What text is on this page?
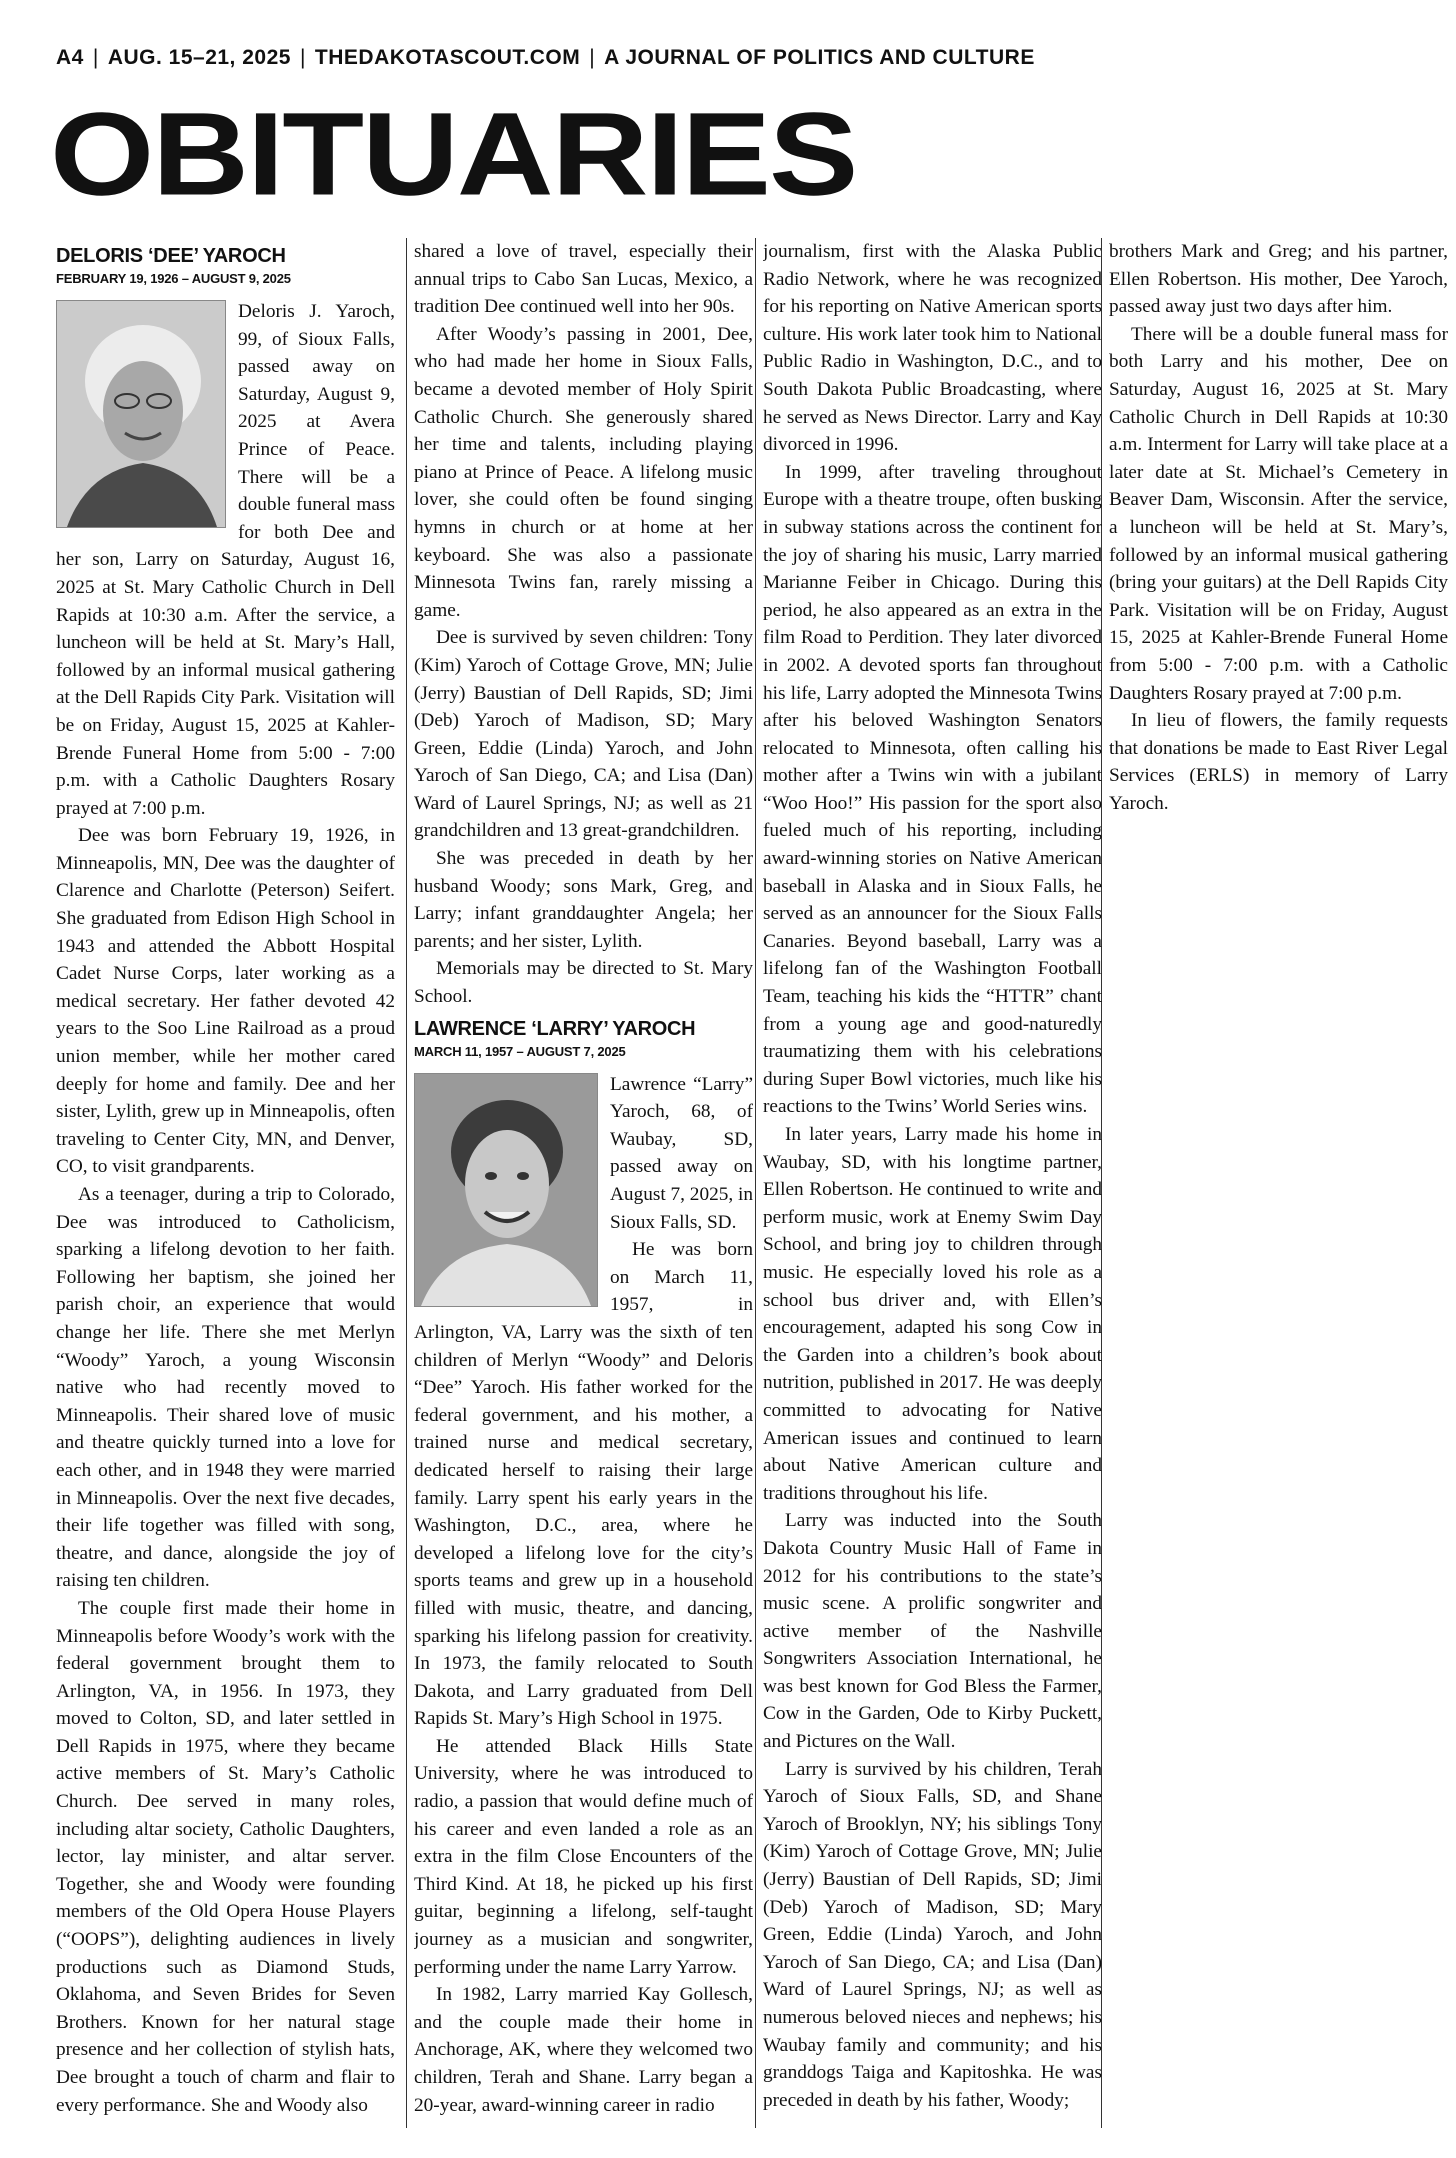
A4 | AUG. 15–21, 2025 | THEDAKOTASCOUT.COM | A JOURNAL OF POLITICS AND CULTURE
OBITUARIES
DELORIS ‘DEE’ YAROCH
FEBRUARY 19, 1926 – AUGUST 9, 2025

Deloris J. Yaroch, 99, of Sioux Falls, passed away on Saturday, August 9, 2025 at Avera Prince of Peace. There will be a double funeral mass for both Dee and her son, Larry on Saturday, August 16, 2025 at St. Mary Catholic Church in Dell Rapids at 10:30 a.m. After the service, a luncheon will be held at St. Mary’s Hall, followed by an informal musical gathering at the Dell Rapids City Park. Visitation will be on Friday, August 15, 2025 at Kahler-Brende Funeral Home from 5:00 - 7:00 p.m. with a Catholic Daughters Rosary prayed at 7:00 p.m.

Dee was born February 19, 1926, in Minneapolis, MN, Dee was the daughter of Clarence and Charlotte (Peterson) Seifert. She graduated from Edison High School in 1943 and attended the Abbott Hospital Cadet Nurse Corps, later working as a medical secretary. Her father devoted 42 years to the Soo Line Railroad as a proud union member, while her mother cared deeply for home and family. Dee and her sister, Lylith, grew up in Minneapolis, often traveling to Center City, MN, and Denver, CO, to visit grandparents.

As a teenager, during a trip to Colorado, Dee was introduced to Catholicism, sparking a lifelong devotion to her faith. Following her baptism, she joined her parish choir, an experience that would change her life. There she met Merlyn “Woody” Yaroch, a young Wisconsin native who had recently moved to Minneapolis. Their shared love of music and theatre quickly turned into a love for each other, and in 1948 they were married in Minneapolis. Over the next five decades, their life together was filled with song, theatre, and dance, alongside the joy of raising ten children.

The couple first made their home in Minneapolis before Woody’s work with the federal government brought them to Arlington, VA, in 1956. In 1973, they moved to Colton, SD, and later settled in Dell Rapids in 1975, where they became active members of St. Mary’s Catholic Church. Dee served in many roles, including altar society, Catholic Daughters, lector, lay minister, and altar server. Together, she and Woody were founding members of the Old Opera House Players (“OOPS”), delighting audiences in lively productions such as Diamond Studs, Oklahoma, and Seven Brides for Seven Brothers. Known for her natural stage presence and her collection of stylish hats, Dee brought a touch of charm and flair to every performance. She and Woody also

shared a love of travel, especially their annual trips to Cabo San Lucas, Mexico, a tradition Dee continued well into her 90s.

After Woody’s passing in 2001, Dee, who had made her home in Sioux Falls, became a devoted member of Holy Spirit Catholic Church. She generously shared her time and talents, including playing piano at Prince of Peace. A lifelong music lover, she could often be found singing hymns in church or at home at her keyboard. She was also a passionate Minnesota Twins fan, rarely missing a game.

Dee is survived by seven children: Tony (Kim) Yaroch of Cottage Grove, MN; Julie (Jerry) Baustian of Dell Rapids, SD; Jimi (Deb) Yaroch of Madison, SD; Mary Green, Eddie (Linda) Yaroch, and John Yaroch of San Diego, CA; and Lisa (Dan) Ward of Laurel Springs, NJ; as well as 21 grandchildren and 13 great-grandchildren.

She was preceded in death by her husband Woody; sons Mark, Greg, and Larry; infant granddaughter Angela; her parents; and her sister, Lylith.

Memorials may be directed to St. Mary School.

LAWRENCE ‘LARRY’ YAROCH
MARCH 11, 1957 – AUGUST 7, 2025

Lawrence “Larry” Yaroch, 68, of Waubay, SD, passed away on August 7, 2025, in Sioux Falls, SD.

He was born on March 11, 1957, in Arlington, VA, Larry was the sixth of ten children of Merlyn “Woody” and Deloris “Dee” Yaroch. His father worked for the federal government, and his mother, a trained nurse and medical secretary, dedicated herself to raising their large family. Larry spent his early years in the Washington, D.C., area, where he developed a lifelong love for the city’s sports teams and grew up in a household filled with music, theatre, and dancing, sparking his lifelong passion for creativity. In 1973, the family relocated to South Dakota, and Larry graduated from Dell Rapids St. Mary’s High School in 1975.

He attended Black Hills State University, where he was introduced to radio, a passion that would define much of his career and even landed a role as an extra in the film Close Encounters of the Third Kind. At 18, he picked up his first guitar, beginning a lifelong, self-taught journey as a musician and songwriter, performing under the name Larry Yarrow.

In 1982, Larry married Kay Gollesch, and the couple made their home in Anchorage, AK, where they welcomed two children, Terah and Shane. Larry began a 20-year, award-winning career in radio

journalism, first with the Alaska Public Radio Network, where he was recognized for his reporting on Native American sports culture. His work later took him to National Public Radio in Washington, D.C., and to South Dakota Public Broadcasting, where he served as News Director. Larry and Kay divorced in 1996.

In 1999, after traveling throughout Europe with a theatre troupe, often busking in subway stations across the continent for the joy of sharing his music, Larry married Marianne Feiber in Chicago. During this period, he also appeared as an extra in the film Road to Perdition. They later divorced in 2002. A devoted sports fan throughout his life, Larry adopted the Minnesota Twins after his beloved Washington Senators relocated to Minnesota, often calling his mother after a Twins win with a jubilant “Woo Hoo!” His passion for the sport also fueled much of his reporting, including award-winning stories on Native American baseball in Alaska and in Sioux Falls, he served as an announcer for the Sioux Falls Canaries. Beyond baseball, Larry was a lifelong fan of the Washington Football Team, teaching his kids the “HTTR” chant from a young age and good-naturedly traumatizing them with his celebrations during Super Bowl victories, much like his reactions to the Twins’ World Series wins.

In later years, Larry made his home in Waubay, SD, with his longtime partner, Ellen Robertson. He continued to write and perform music, work at Enemy Swim Day School, and bring joy to children through music. He especially loved his role as a school bus driver and, with Ellen’s encouragement, adapted his song Cow in the Garden into a children’s book about nutrition, published in 2017. He was deeply committed to advocating for Native American issues and continued to learn about Native American culture and traditions throughout his life.

Larry was inducted into the South Dakota Country Music Hall of Fame in 2012 for his contributions to the state’s music scene. A prolific songwriter and active member of the Nashville Songwriters Association International, he was best known for God Bless the Farmer, Cow in the Garden, Ode to Kirby Puckett, and Pictures on the Wall.

Larry is survived by his children, Terah Yaroch of Sioux Falls, SD, and Shane Yaroch of Brooklyn, NY; his siblings Tony (Kim) Yaroch of Cottage Grove, MN; Julie (Jerry) Baustian of Dell Rapids, SD; Jimi (Deb) Yaroch of Madison, SD; Mary Green, Eddie (Linda) Yaroch, and John Yaroch of San Diego, CA; and Lisa (Dan) Ward of Laurel Springs, NJ; as well as numerous beloved nieces and nephews; his Waubay family and community; and his granddogs Taiga and Kapitoshka. He was preceded in death by his father, Woody;

brothers Mark and Greg; and his partner, Ellen Robertson. His mother, Dee Yaroch, passed away just two days after him.

There will be a double funeral mass for both Larry and his mother, Dee on Saturday, August 16, 2025 at St. Mary Catholic Church in Dell Rapids at 10:30 a.m. Interment for Larry will take place at a later date at St. Michael’s Cemetery in Beaver Dam, Wisconsin. After the service, a luncheon will be held at St. Mary’s, followed by an informal musical gathering (bring your guitars) at the Dell Rapids City Park. Visitation will be on Friday, August 15, 2025 at Kahler-Brende Funeral Home from 5:00 - 7:00 p.m. with a Catholic Daughters Rosary prayed at 7:00 p.m.

In lieu of flowers, the family requests that donations be made to East River Legal Services (ERLS) in memory of Larry Yaroch.
